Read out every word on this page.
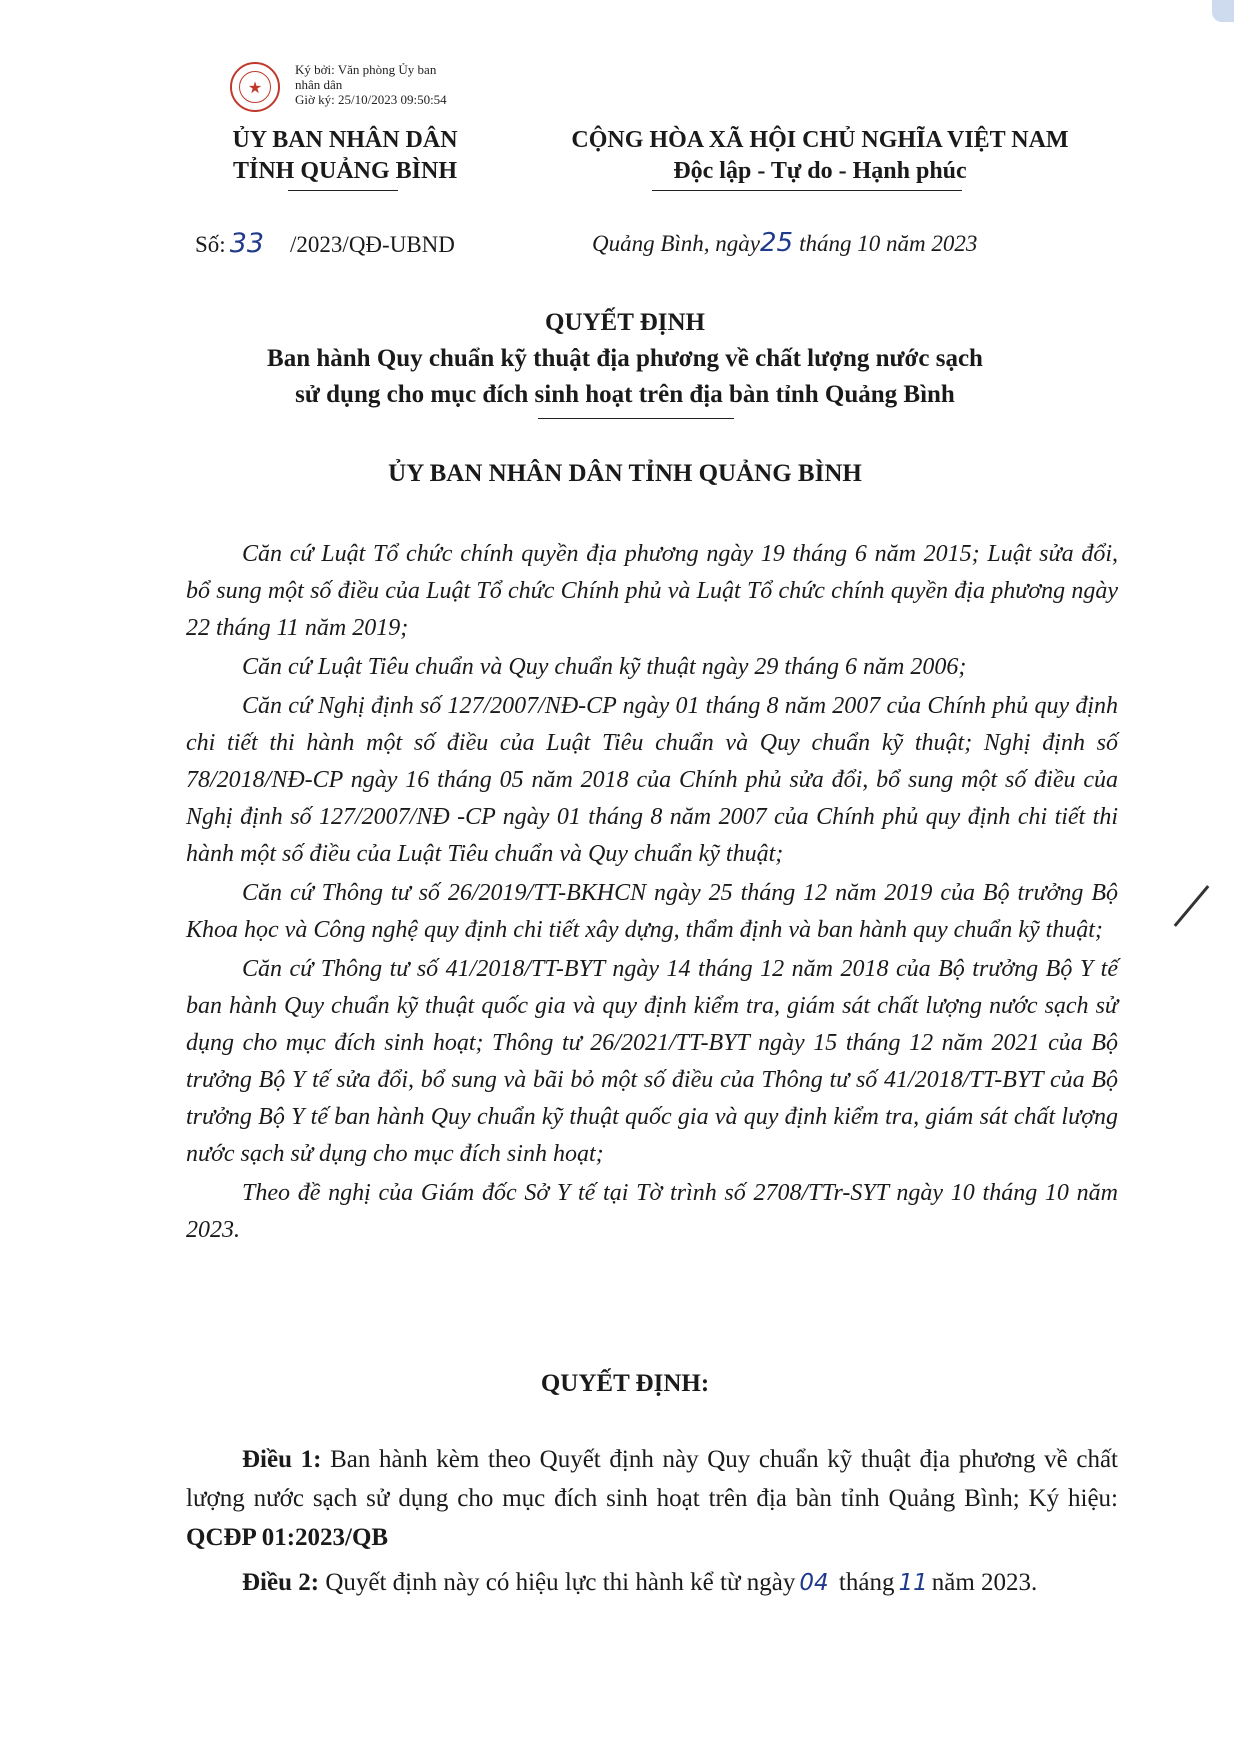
★
Ký bởi: Văn phòng Ủy ban
nhân dân
Giờ ký: 25/10/2023 09:50:54
ỦY BAN NHÂN DÂN
TỈNH QUẢNG BÌNH
CỘNG HÒA XÃ HỘI CHỦ NGHĨA VIỆT NAM
Độc lập - Tự do - Hạnh phúc
Số: 33 /2023/QĐ-UBND	Quảng Bình, ngày25 tháng 10 năm 2023
QUYẾT ĐỊNH
Ban hành Quy chuẩn kỹ thuật địa phương về chất lượng nước sạch
sử dụng cho mục đích sinh hoạt trên địa bàn tỉnh Quảng Bình
ỦY BAN NHÂN DÂN TỈNH QUẢNG BÌNH

Căn cứ Luật Tổ chức chính quyền địa phương ngày 19 tháng 6 năm 2015; Luật sửa đổi, bổ sung một số điều của Luật Tổ chức Chính phủ và Luật Tổ chức chính quyền địa phương ngày 22 tháng 11 năm 2019;

Căn cứ Luật Tiêu chuẩn và Quy chuẩn kỹ thuật ngày 29 tháng 6 năm 2006;

Căn cứ Nghị định số 127/2007/NĐ-CP ngày 01 tháng 8 năm 2007 của Chính phủ quy định chi tiết thi hành một số điều của Luật Tiêu chuẩn và Quy chuẩn kỹ thuật; Nghị định số 78/2018/NĐ-CP ngày 16 tháng 05 năm 2018 của Chính phủ sửa đổi, bổ sung một số điều của Nghị định số 127/2007/NĐ -CP ngày 01 tháng 8 năm 2007 của Chính phủ quy định chi tiết thi hành một số điều của Luật Tiêu chuẩn và Quy chuẩn kỹ thuật;

Căn cứ Thông tư số 26/2019/TT-BKHCN ngày 25 tháng 12 năm 2019 của Bộ trưởng Bộ Khoa học và Công nghệ quy định chi tiết xây dựng, thẩm định và ban hành quy chuẩn kỹ thuật;

Căn cứ Thông tư số 41/2018/TT-BYT ngày 14 tháng 12 năm 2018 của Bộ trưởng Bộ Y tế ban hành Quy chuẩn kỹ thuật quốc gia và quy định kiểm tra, giám sát chất lượng nước sạch sử dụng cho mục đích sinh hoạt; Thông tư 26/2021/TT-BYT ngày 15 tháng 12 năm 2021 của Bộ trưởng Bộ Y tế sửa đổi, bổ sung và bãi bỏ một số điều của Thông tư số 41/2018/TT-BYT của Bộ trưởng Bộ Y tế ban hành Quy chuẩn kỹ thuật quốc gia và quy định kiểm tra, giám sát chất lượng nước sạch sử dụng cho mục đích sinh hoạt;

Theo đề nghị của Giám đốc Sở Y tế tại Tờ trình số 2708/TTr-SYT ngày 10 tháng 10 năm 2023.

QUYẾT ĐỊNH:

Điều 1: Ban hành kèm theo Quyết định này Quy chuẩn kỹ thuật địa phương về chất lượng nước sạch sử dụng cho mục đích sinh hoạt trên địa bàn tỉnh Quảng Bình; Ký hiệu: QCĐP 01:2023/QB

Điều 2: Quyết định này có hiệu lực thi hành kể từ ngày 04 tháng 11 năm 2023.
